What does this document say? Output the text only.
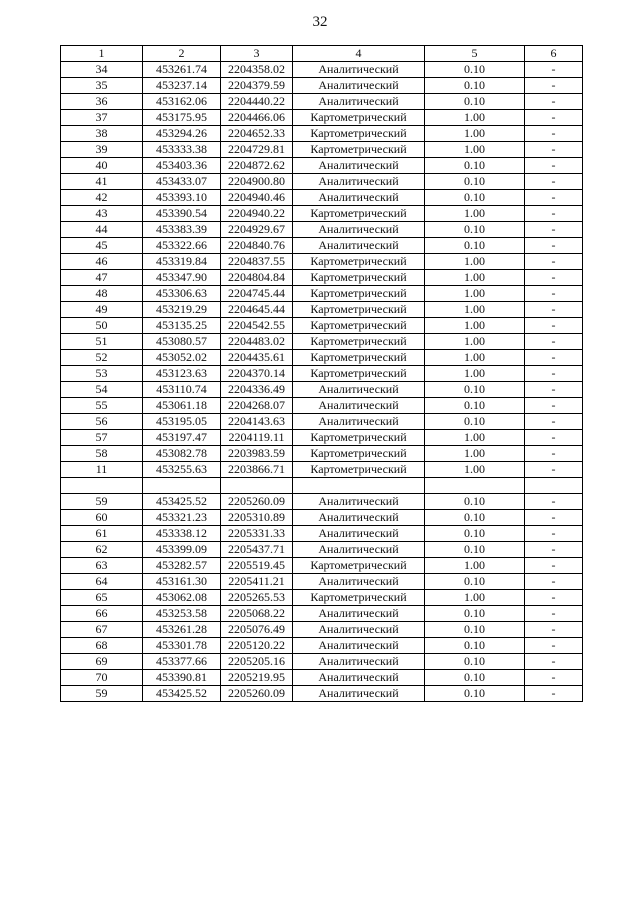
32
1	2	3	4	5	6
34	453261.74	2204358.02	Аналитический	0.10	-
35	453237.14	2204379.59	Аналитический	0.10	-
36	453162.06	2204440.22	Аналитический	0.10	-
37	453175.95	2204466.06	Картометрический	1.00	-
38	453294.26	2204652.33	Картометрический	1.00	-
39	453333.38	2204729.81	Картометрический	1.00	-
40	453403.36	2204872.62	Аналитический	0.10	-
41	453433.07	2204900.80	Аналитический	0.10	-
42	453393.10	2204940.46	Аналитический	0.10	-
43	453390.54	2204940.22	Картометрический	1.00	-
44	453383.39	2204929.67	Аналитический	0.10	-
45	453322.66	2204840.76	Аналитический	0.10	-
46	453319.84	2204837.55	Картометрический	1.00	-
47	453347.90	2204804.84	Картометрический	1.00	-
48	453306.63	2204745.44	Картометрический	1.00	-
49	453219.29	2204645.44	Картометрический	1.00	-
50	453135.25	2204542.55	Картометрический	1.00	-
51	453080.57	2204483.02	Картометрический	1.00	-
52	453052.02	2204435.61	Картометрический	1.00	-
53	453123.63	2204370.14	Картометрический	1.00	-
54	453110.74	2204336.49	Аналитический	0.10	-
55	453061.18	2204268.07	Аналитический	0.10	-
56	453195.05	2204143.63	Аналитический	0.10	-
57	453197.47	2204119.11	Картометрический	1.00	-
58	453082.78	2203983.59	Картометрический	1.00	-
11	453255.63	2203866.71	Картометрический	1.00	-

59	453425.52	2205260.09	Аналитический	0.10	-
60	453321.23	2205310.89	Аналитический	0.10	-
61	453338.12	2205331.33	Аналитический	0.10	-
62	453399.09	2205437.71	Аналитический	0.10	-
63	453282.57	2205519.45	Картометрический	1.00	-
64	453161.30	2205411.21	Аналитический	0.10	-
65	453062.08	2205265.53	Картометрический	1.00	-
66	453253.58	2205068.22	Аналитический	0.10	-
67	453261.28	2205076.49	Аналитический	0.10	-
68	453301.78	2205120.22	Аналитический	0.10	-
69	453377.66	2205205.16	Аналитический	0.10	-
70	453390.81	2205219.95	Аналитический	0.10	-
59	453425.52	2205260.09	Аналитический	0.10	-
